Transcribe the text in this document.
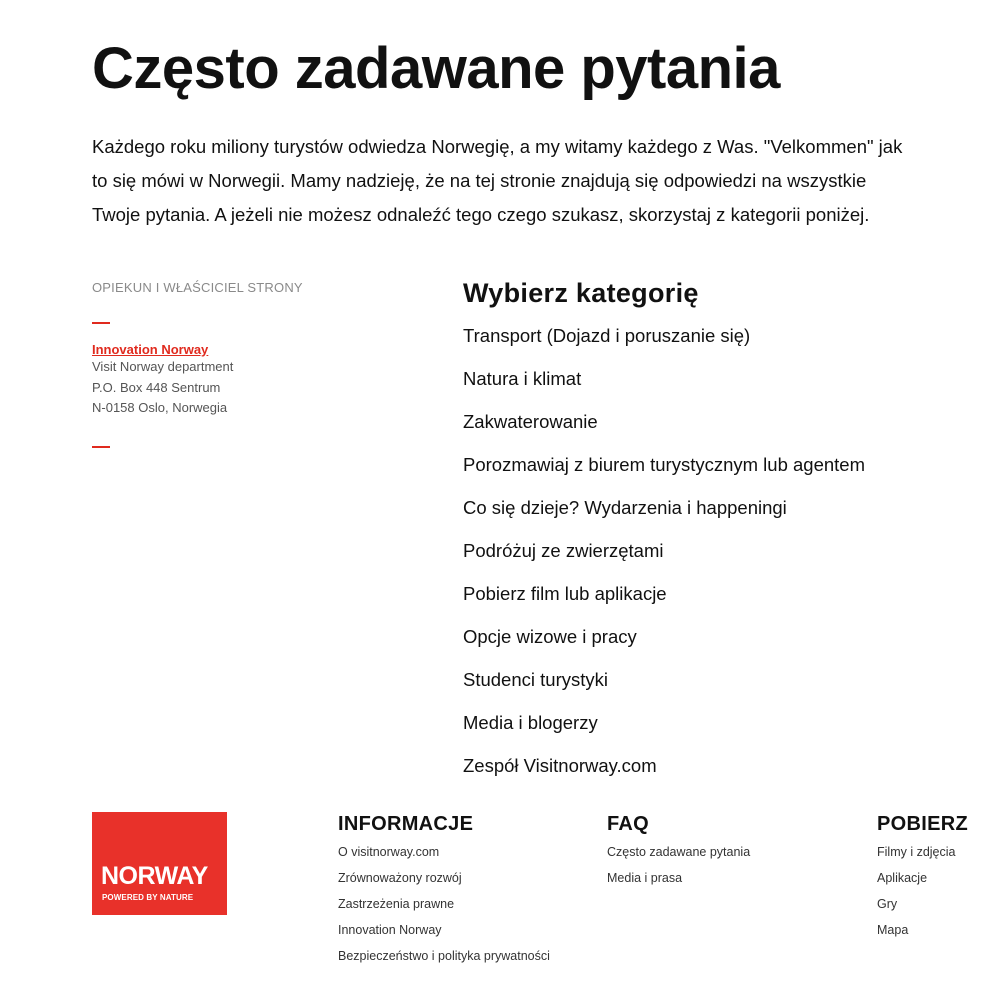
Często zadawane pytania

Każdego roku miliony turystów odwiedza Norwegię, a my witamy każdego z Was. "Velkommen" jak to się mówi w Norwegii. Mamy nadzieję, że na tej stronie znajdują się odpowiedzi na wszystkie Twoje pytania. A jeżeli nie możesz odnaleźć tego czego szukasz, skorzystaj z kategorii poniżej.

OPIEKUN I WŁAŚCICIEL STRONY

Innovation Norway
Visit Norway department
P.O. Box 448 Sentrum
N-0158 Oslo, Norwegia
Wybierz kategorię
Transport (Dojazd i poruszanie się)
Natura i klimat
Zakwaterowanie
Porozmawiaj z biurem turystycznym lub agentem
Co się dzieje? Wydarzenia i happeningi
Podróżuj ze zwierzętami
Pobierz film lub aplikacje
Opcje wizowe i pracy
Studenci turystyki
Media i blogerzy
Zespół Visitnorway.com
NORWAY
POWERED BY NATURE
INFORMACJE
O visitnorway.com
Zrównoważony rozwój
Zastrzeżenia prawne
Innovation Norway
Bezpieczeństwo i polityka prywatności
FAQ
Często zadawane pytania
Media i prasa
POBIERZ
Filmy i zdjęcia
Aplikacje
Gry
Mapa
